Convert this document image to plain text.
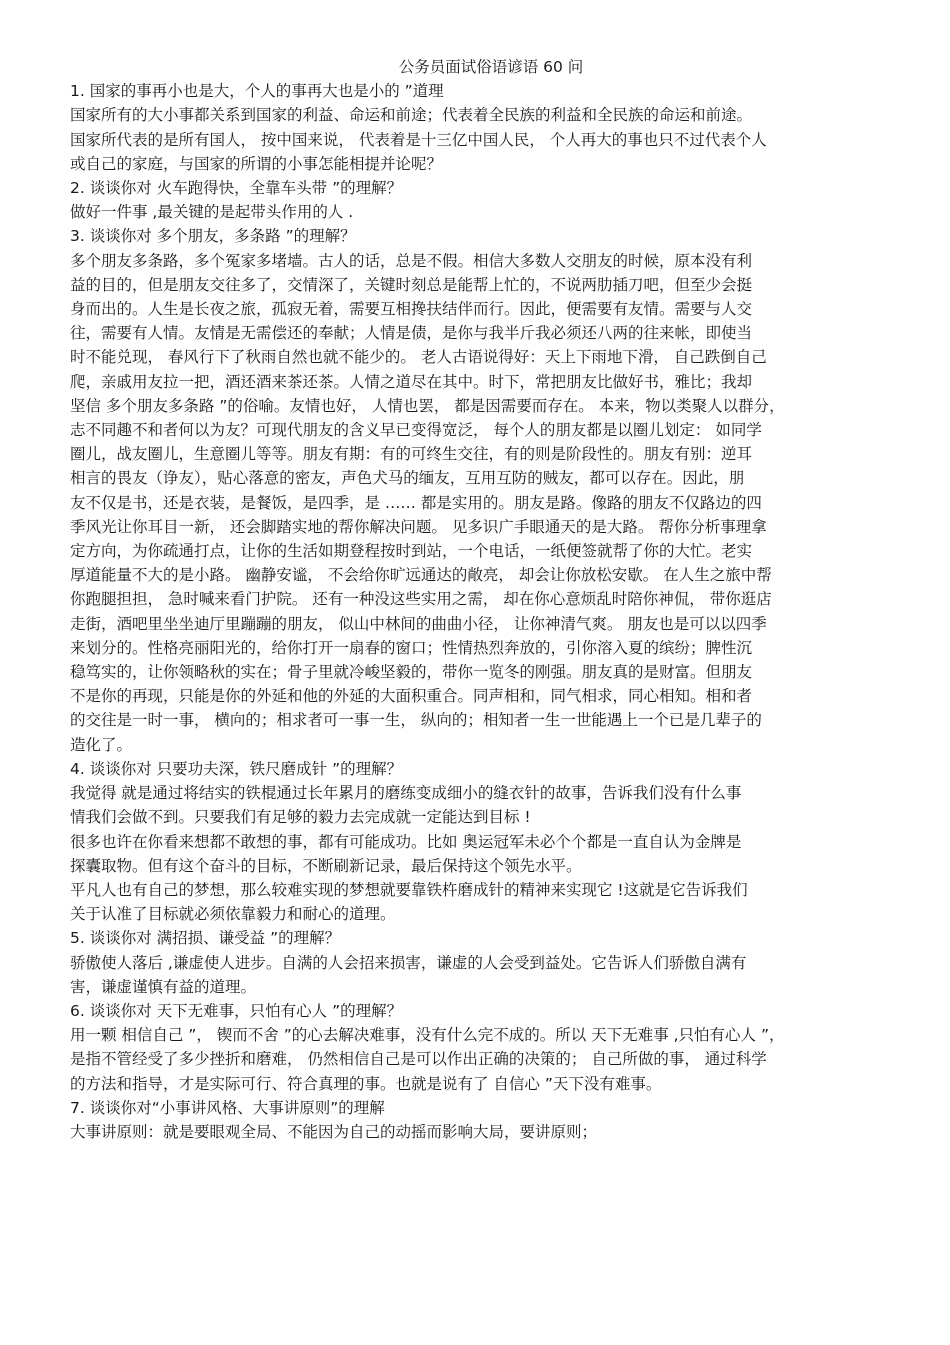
公务员面试俗语谚语 60 问

1. 国家的事再小也是大，个人的事再大也是小的 ”道理

国家所有的大小事都关系到国家的利益、命运和前途；代表着全民族的利益和全民族的命运和前途。

国家所代表的是所有国人， 按中国来说， 代表着是十三亿中国人民， 个人再大的事也只不过代表个人

或自己的家庭，与国家的所谓的小事怎能相提并论呢？

2. 谈谈你对 火车跑得快，全靠车头带 ”的理解？

做好一件事 ,最关键的是起带头作用的人 .

3. 谈谈你对 多个朋友，多条路 ”的理解？

多个朋友多条路，多个冤家多堵墙。古人的话，总是不假。相信大多数人交朋友的时候，原本没有利

益的目的，但是朋友交往多了，交情深了，关键时刻总是能帮上忙的，不说两肋插刀吧，但至少会挺

身而出的。人生是长夜之旅，孤寂无着，需要互相搀扶结伴而行。因此，便需要有友情。需要与人交

往，需要有人情。友情是无需偿还的奉献；人情是债，是你与我半斤我必须还八两的往来帐，即使当

时不能兑现， 春风行下了秋雨自然也就不能少的。 老人古语说得好：天上下雨地下滑， 自己跌倒自己

爬，亲戚用友拉一把，酒还酒来茶还茶。人情之道尽在其中。时下，常把朋友比做好书，雅比；我却

坚信 多个朋友多条路 ”的俗喻。友情也好， 人情也罢， 都是因需要而存在。 本来，物以类聚人以群分，

志不同趣不和者何以为友？可现代朋友的含义早已变得宽泛， 每个人的朋友都是以圈儿划定： 如同学

圈儿，战友圈儿，生意圈儿等等。朋友有期：有的可终生交往，有的则是阶段性的。朋友有别：逆耳

相言的畏友（诤友），贴心落意的密友，声色犬马的缅友，互用互防的贼友，都可以存在。因此，朋

友不仅是书，还是衣装，是餐饭，是四季，是 …… 都是实用的。朋友是路。像路的朋友不仅路边的四

季风光让你耳目一新， 还会脚踏实地的帮你解决问题。 见多识广手眼通天的是大路。 帮你分析事理拿

定方向，为你疏通打点，让你的生活如期登程按时到站，一个电话，一纸便签就帮了你的大忙。老实

厚道能量不大的是小路。 幽静安谧， 不会给你旷远通达的敞亮， 却会让你放松安歇。 在人生之旅中帮

你跑腿担担， 急时喊来看门护院。 还有一种没这些实用之需， 却在你心意烦乱时陪你神侃， 带你逛店

走街，酒吧里坐坐迪厅里蹦蹦的朋友， 似山中林间的曲曲小径， 让你神清气爽。 朋友也是可以以四季

来划分的。性格亮丽阳光的，给你打开一扇春的窗口；性情热烈奔放的，引你溶入夏的缤纷；脾性沉

稳笃实的，让你领略秋的实在；骨子里就冷峻坚毅的，带你一览冬的刚强。朋友真的是财富。但朋友

不是你的再现，只能是你的外延和他的外延的大面积重合。同声相和，同气相求，同心相知。相和者

的交往是一时一事， 横向的；相求者可一事一生， 纵向的；相知者一生一世能遇上一个已是几辈子的

造化了。

4. 谈谈你对 只要功夫深，铁尺磨成针 ”的理解？

我觉得 就是通过将结实的铁棍通过长年累月的磨练变成细小的缝衣针的故事，告诉我们没有什么事

情我们会做不到。只要我们有足够的毅力去完成就一定能达到目标 !

很多也许在你看来想都不敢想的事，都有可能成功。比如 奥运冠军未必个个都是一直自认为金牌是

探囊取物。但有这个奋斗的目标，不断刷新记录，最后保持这个领先水平。

平凡人也有自己的梦想，那么较难实现的梦想就要靠铁杵磨成针的精神来实现它 !这就是它告诉我们

关于认准了目标就必须依靠毅力和耐心的道理。

5. 谈谈你对 满招损、谦受益 ”的理解？

骄傲使人落后 ,谦虚使人进步。自满的人会招来损害，谦虚的人会受到益处。它告诉人们骄傲自满有

害，谦虚谨慎有益的道理。

6. 谈谈你对 天下无难事，只怕有心人 ”的理解？

用一颗 相信自己 ”， 锲而不舍 ”的心去解决难事，没有什么完不成的。所以 天下无难事 ,只怕有心人 ”，

是指不管经受了多少挫折和磨难， 仍然相信自己是可以作出正确的决策的； 自己所做的事， 通过科学

的方法和指导，才是实际可行、符合真理的事。也就是说有了 自信心 ”天下没有难事。

7. 谈谈你对“小事讲风格、大事讲原则”的理解

大事讲原则：就是要眼观全局、不能因为自己的动摇而影响大局，要讲原则；
